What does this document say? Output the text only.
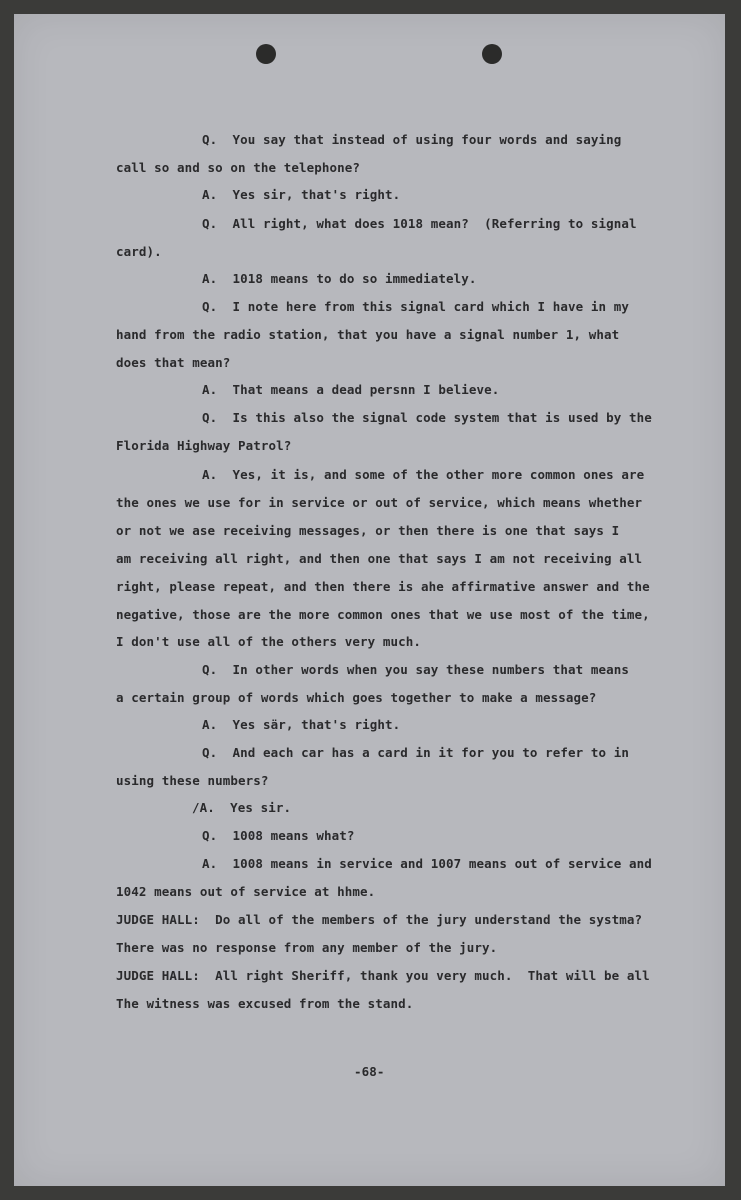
Q.  You say that instead of using four words and saying
call so and so on the telephone?
A.  Yes sir, that's right.
Q.  All right, what does 1018 mean?  (Referring to signal
card).
A.  1018 means to do so immediately.
Q.  I note here from this signal card which I have in my
hand from the radio station, that you have a signal number 1, what
does that mean?
A.  That means a dead persnn I believe.
Q.  Is this also the signal code system that is used by the
Florida Highway Patrol?
A.  Yes, it is, and some of the other more common ones are
the ones we use for in service or out of service, which means whether
or not we ase receiving messages, or then there is one that says I
am receiving all right, and then one that says I am not receiving all
right, please repeat, and then there is ahe affirmative answer and the
negative, those are the more common ones that we use most of the time,
I don't use all of the others very much.
Q.  In other words when you say these numbers that means
a certain group of words which goes together to make a message?
A.  Yes sär, that's right.
Q.  And each car has a card in it for you to refer to in
using these numbers?
/A.  Yes sir.
Q.  1008 means what?
A.  1008 means in service and 1007 means out of service and
1042 means out of service at hhme.
JUDGE HALL:  Do all of the members of the jury understand the systma?
There was no response from any member of the jury.
JUDGE HALL:  All right Sheriff, thank you very much.  That will be all
The witness was excused from the stand.
-68-
